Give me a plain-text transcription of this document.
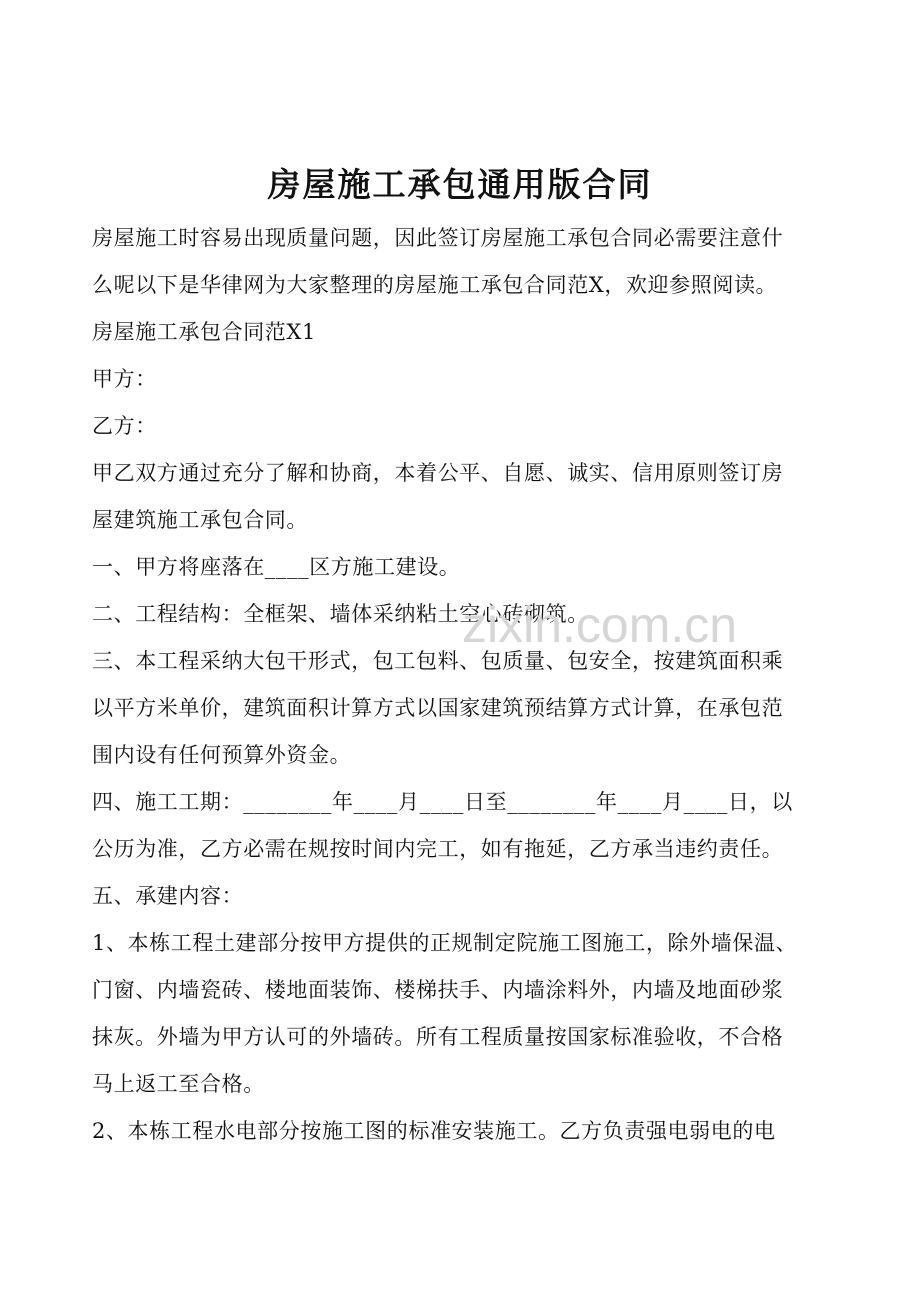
房屋施工承包通用版合同

房屋施工时容易出现质量问题，因此签订房屋施工承包合同必需要注意什
么呢以下是华律网为大家整理的房屋施工承包合同范X，欢迎参照阅读。

房屋施工承包合同范X1

甲方：

乙方：

甲乙双方通过充分了解和协商，本着公平、自愿、诚实、信用原则签订房
屋建筑施工承包合同。

一、甲方将座落在____区方施工建设。

二、工程结构：全框架、墙体采纳粘土空心砖砌筑。

三、本工程采纳大包干形式，包工包料、包质量、包安全，按建筑面积乘
以平方米单价，建筑面积计算方式以国家建筑预结算方式计算，在承包范
围内设有任何预算外资金。

四、施工工期：________年____月____日至________年____月____日，以
公历为准，乙方必需在规按时间内完工，如有拖延，乙方承当违约责任。

五、承建内容：

1、本栋工程土建部分按甲方提供的正规制定院施工图施工，除外墙保温、
门窗、内墙瓷砖、楼地面装饰、楼梯扶手、内墙涂料外，内墙及地面砂浆
抹灰。外墙为甲方认可的外墙砖。所有工程质量按国家标准验收，不合格
马上返工至合格。

2、本栋工程水电部分按施工图的标准安装施工。乙方负责强电弱电的电

zixin.com.cn
